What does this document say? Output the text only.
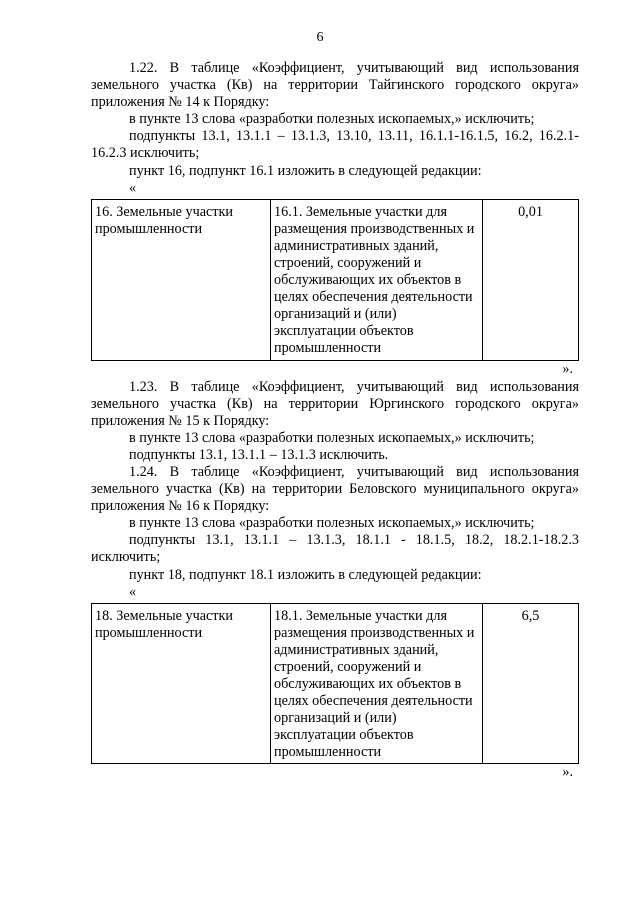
6

1.22. В таблице «Коэффициент, учитывающий вид использования земельного участка (Кв) на территории Тайгинского городского округа» приложения № 14 к Порядку:

в пункте 13 слова «разработки полезных ископаемых,» исключить;

подпункты 13.1, 13.1.1 – 13.1.3, 13.10, 13.11, 16.1.1-16.1.5, 16.2, 16.2.1-16.2.3 исключить;

пункт 16, подпункт 16.1 изложить в следующей редакции:

«
16. Земельные участки промышленности	16.1. Земельные участки для размещения производственных и административных зданий, строений, сооружений и обслуживающих их объектов в целях обеспечения деятельности организаций и (или) эксплуатации объектов промышленности	0,01
».

1.23. В таблице «Коэффициент, учитывающий вид использования земельного участка (Кв) на территории Юргинского городского округа» приложения № 15 к Порядку:

в пункте 13 слова «разработки полезных ископаемых,» исключить;

подпункты 13.1, 13.1.1 – 13.1.3 исключить.

1.24. В таблице «Коэффициент, учитывающий вид использования земельного участка (Кв) на территории Беловского муниципального округа» приложения № 16 к Порядку:

в пункте 13 слова «разработки полезных ископаемых,» исключить;

подпункты 13.1, 13.1.1 – 13.1.3, 18.1.1 - 18.1.5, 18.2, 18.2.1-18.2.3 исключить;

пункт 18, подпункт 18.1 изложить в следующей редакции:

«
18. Земельные участки промышленности	18.1. Земельные участки для размещения производственных и административных зданий, строений, сооружений и обслуживающих их объектов в целях обеспечения деятельности организаций и (или) эксплуатации объектов промышленности	6,5
».
